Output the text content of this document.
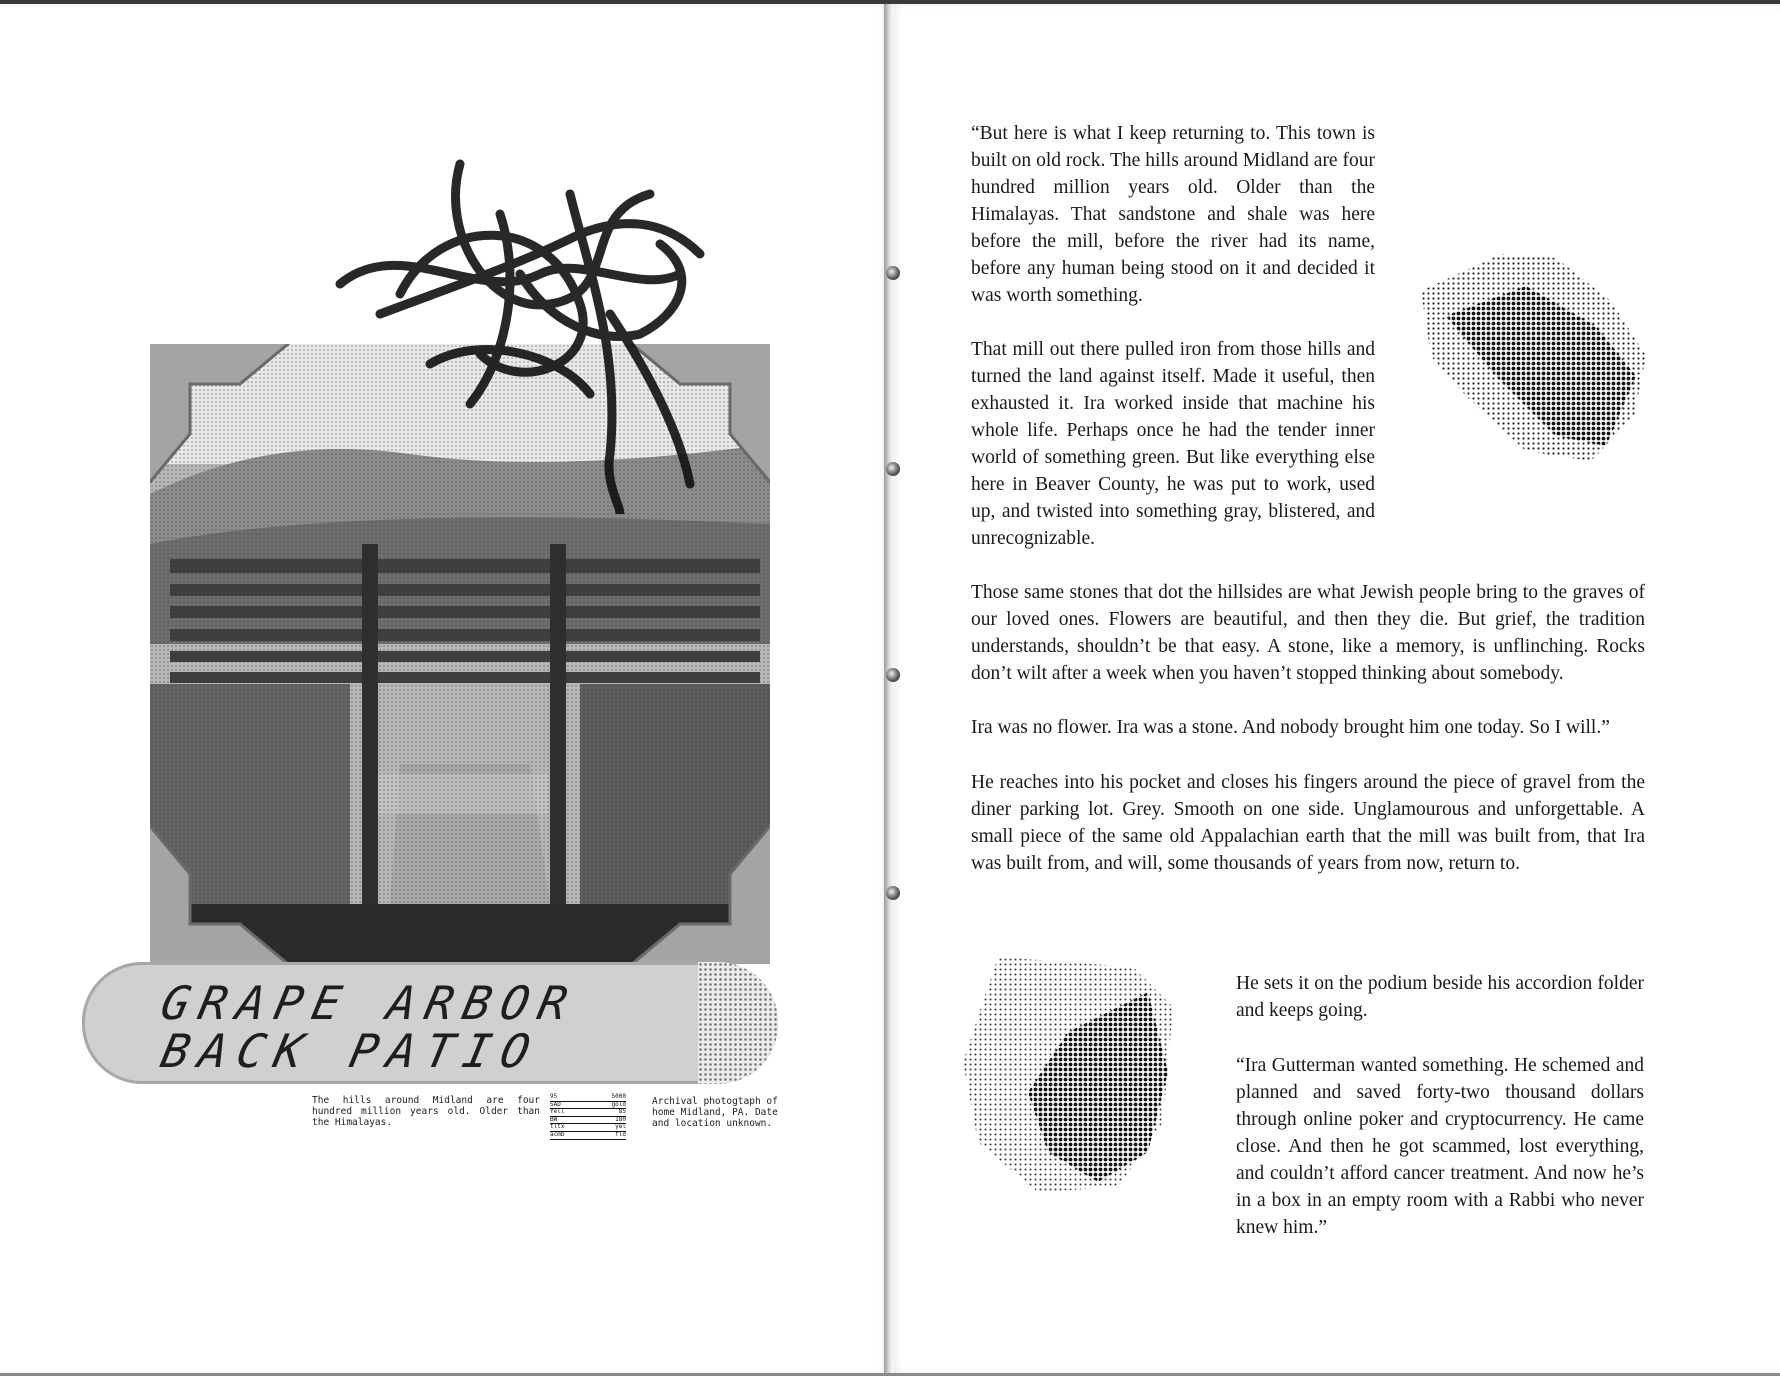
GRAPE ARBOR
BACK PATIO
The hills around Midland are four hundred million years old. Older than the Himalayas.
95	5000
SAD	gold
Yell	85
BW	180
tltx	yel
acmb	fld
Archival photogtaph of home Midland, PA. Date and location unknown.

“But here is what I keep returning to. This town is built on old rock. The hills around Midland are four hundred million years old. Older than the Himalayas. That sandstone and shale was here before the mill, before the river had its name, before any human being stood on it and decided it was worth something.

That mill out there pulled iron from those hills and turned the land against itself. Made it useful, then exhausted it. Ira worked inside that machine his whole life. Perhaps once he had the tender inner world of something green. But like everything else here in Beaver County, he was put to work, used up, and twisted into something gray, blistered, and unrecognizable.

Those same stones that dot the hillsides are what Jewish people bring to the graves of our loved ones. Flowers are beautiful, and then they die. But grief, the tradition understands, shouldn’t be that easy. A stone, like a memory, is unflinching. Rocks don’t wilt after a week when you haven’t stopped thinking about somebody.

Ira was no flower. Ira was a stone. And nobody brought him one today. So I will.”

He reaches into his pocket and closes his fingers around the piece of gravel from the diner parking lot. Grey. Smooth on one side. Unglamourous and unforgettable. A small piece of the same old Appalachian earth that the mill was built from, that Ira was built from, and will, some thousands of years from now, return to.

He sets it on the podium beside his accordion folder and keeps going.

“Ira Gutterman wanted something. He schemed and planned and saved forty-two thousand dollars through online poker and cryptocurrency. He came close. And then he got scammed, lost everything, and couldn’t afford cancer treatment. And now he’s in a box in an empty room with a Rabbi who never knew him.”
